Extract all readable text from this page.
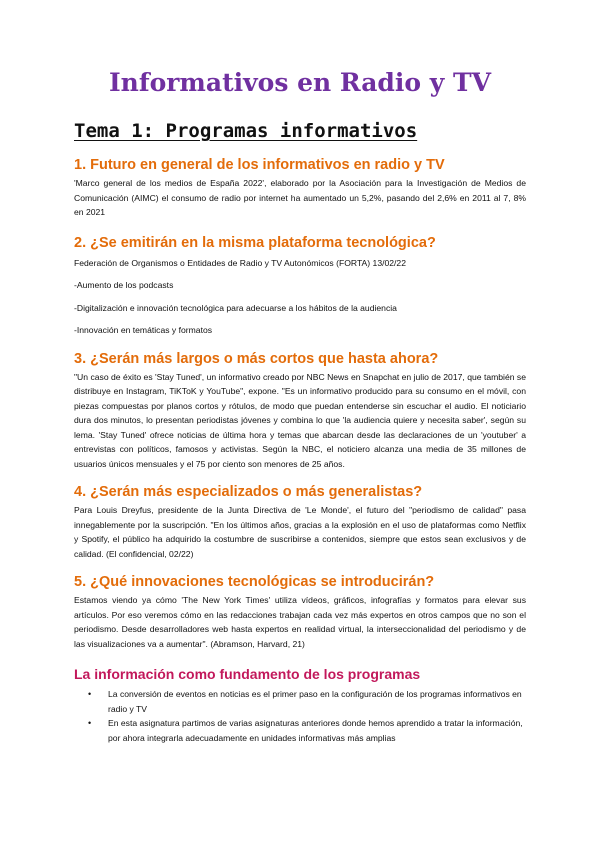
Informativos en Radio y TV
Tema 1: Programas informativos
1. Futuro en general de los informativos en radio y TV

'Marco general de los medios de España 2022', elaborado por la Asociación para la Investigación de Medios de Comunicación (AIMC) el consumo de radio por internet ha aumentado un 5,2%, pasando del 2,6% en 2011 al 7, 8% en 2021

2. ¿Se emitirán en la misma plataforma tecnológica?

Federación de Organismos o Entidades de Radio y TV Autonómicos (FORTA) 13/02/22

-Aumento de los podcasts

-Digitalización e innovación tecnológica para adecuarse a los hábitos de la audiencia

-Innovación en temáticas y formatos

3. ¿Serán más largos o más cortos que hasta ahora?

"Un caso de éxito es 'Stay Tuned', un informativo creado por NBC News en Snapchat en julio de 2017, que también se distribuye en Instagram, TiKToK y YouTube", expone. "Es un informativo producido para su consumo en el móvil, con piezas compuestas por planos cortos y rótulos, de modo que puedan entenderse sin escuchar el audio. El noticiario dura dos minutos, lo presentan periodistas jóvenes y combina lo que 'la audiencia quiere y necesita saber', según su lema. 'Stay Tuned' ofrece noticias de última hora y temas que abarcan desde las declaraciones de un 'youtuber' a entrevistas con políticos, famosos y activistas. Según la NBC, el noticiero alcanza una media de 35 millones de usuarios únicos mensuales y el 75 por ciento son menores de 25 años.

4. ¿Serán más especializados o más generalistas?

Para Louis Dreyfus, presidente de la Junta Directiva de 'Le Monde', el futuro del "periodismo de calidad" pasa innegablemente por la suscripción. "En los últimos años, gracias a la explosión en el uso de plataformas como Netflix y Spotify, el público ha adquirido la costumbre de suscribirse a contenidos, siempre que estos sean exclusivos y de calidad. (El confidencial, 02/22)

5. ¿Qué innovaciones tecnológicas se introducirán?

Estamos viendo ya cómo 'The New York Times' utiliza vídeos, gráficos, infografías y formatos para elevar sus artículos. Por eso veremos cómo en las redacciones trabajan cada vez más expertos en otros campos que no son el periodismo. Desde desarrolladores web hasta expertos en realidad virtual, la interseccionalidad del periodismo y de las visualizaciones va a aumentar". (Abramson, Harvard, 21)

La información como fundamento de los programas
• La conversión de eventos en noticias es el primer paso en la configuración de los programas informativos en radio y TV
• En esta asignatura partimos de varias asignaturas anteriores donde hemos aprendido a tratar la información, por ahora integrarla adecuadamente en unidades informativas más amplias
